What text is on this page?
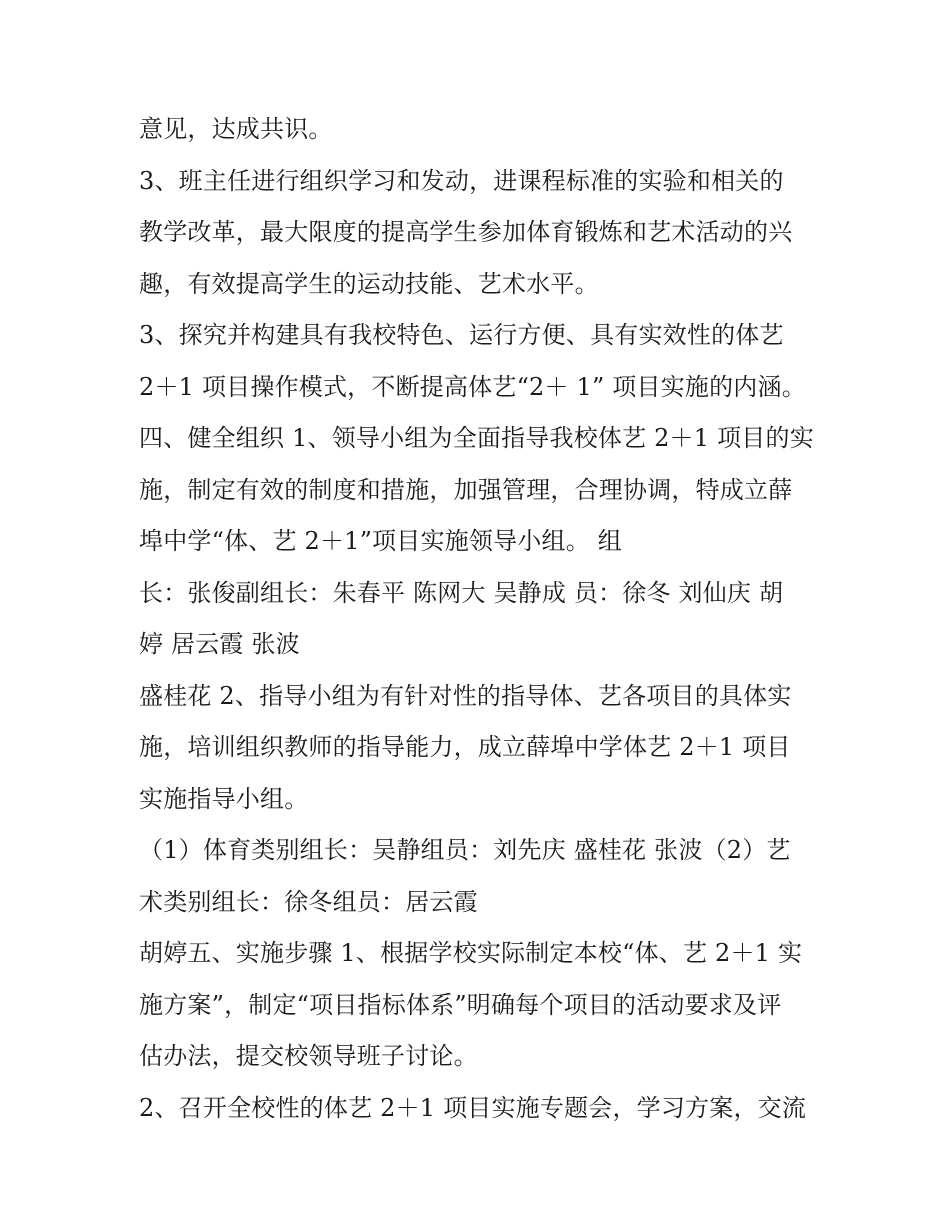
意见，达成共识。
3、班主任进行组织学习和发动，进课程标准的实验和相关的
教学改革，最大限度的提高学生参加体育锻炼和艺术活动的兴
趣，有效提高学生的运动技能、艺术水平。
3、探究并构建具有我校特色、运行方便、具有实效性的体艺
2＋1 项目操作模式，不断提高体艺“2＋ 1” 项目实施的内涵。
四、健全组织 1、领导小组为全面指导我校体艺 2＋1 项目的实
施，制定有效的制度和措施，加强管理，合理协调，特成立薛
埠中学“体、艺 2＋1”项目实施领导小组。 组
长：张俊副组长：朱春平 陈网大 吴静成 员：徐冬 刘仙庆 胡
婷 居云霞 张波
盛桂花 2、指导小组为有针对性的指导体、艺各项目的具体实
施，培训组织教师的指导能力，成立薛埠中学体艺 2＋1 项目
实施指导小组。
（1）体育类别组长：吴静组员：刘先庆 盛桂花 张波（2）艺
术类别组长：徐冬组员：居云霞
胡婷五、实施步骤 1、根据学校实际制定本校“体、艺 2＋1 实
施方案”，制定“项目指标体系”明确每个项目的活动要求及评
估办法，提交校领导班子讨论。
2、召开全校性的体艺 2＋1 项目实施专题会，学习方案，交流
